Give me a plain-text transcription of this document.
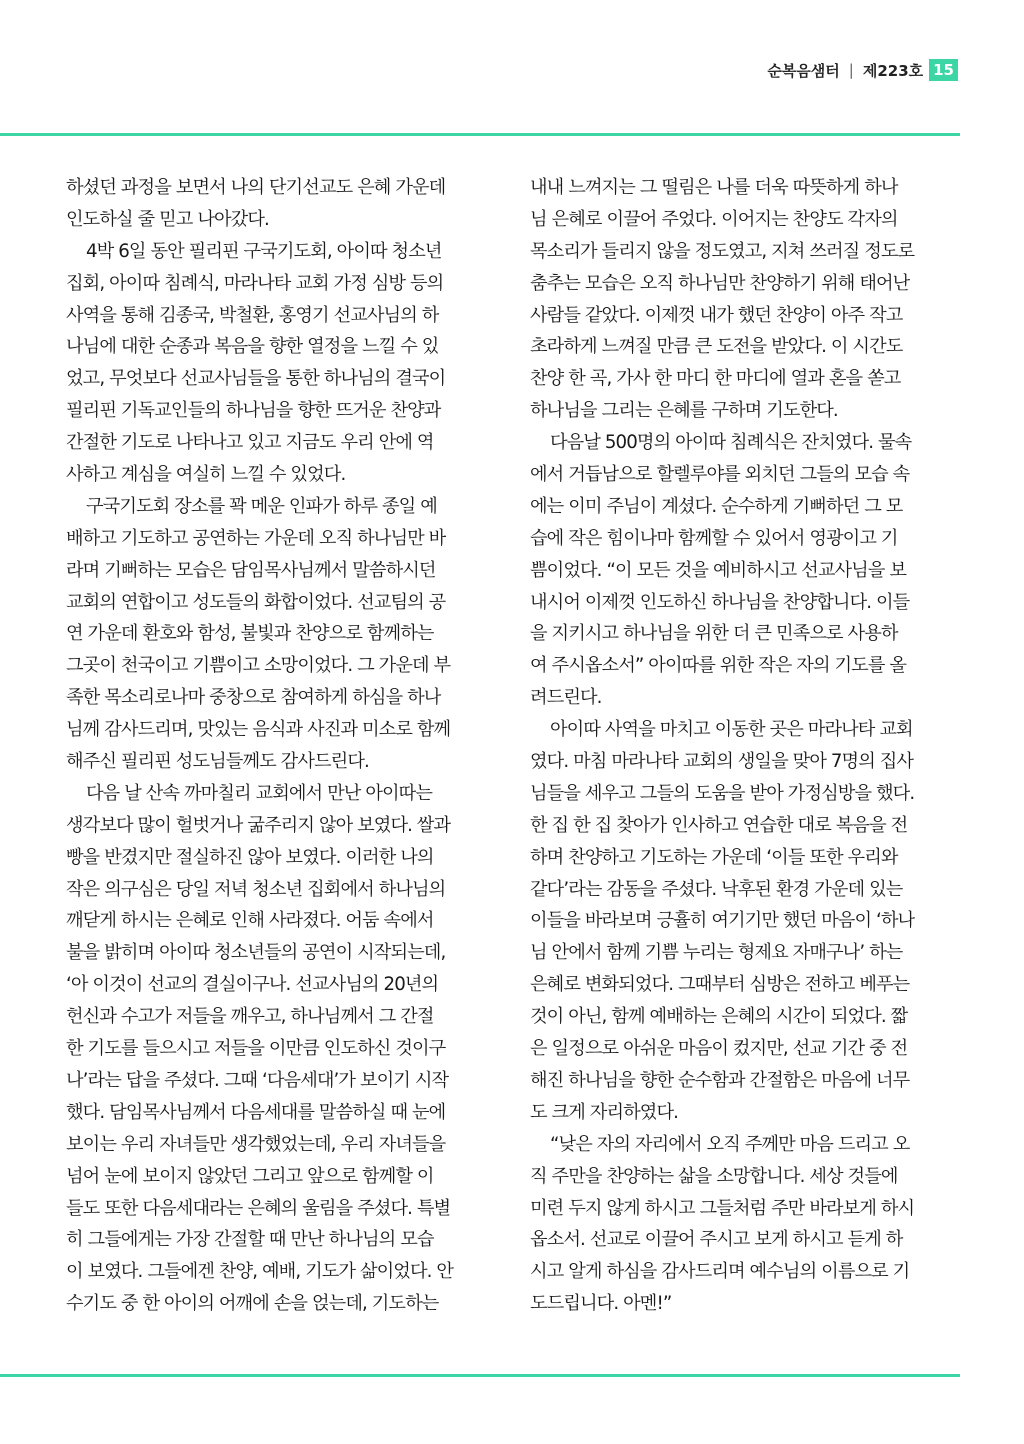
순복음샘터 | 제223호 15
하셨던 과정을 보면서 나의 단기선교도 은혜 가운데
인도하실 줄 믿고 나아갔다.
4박 6일 동안 필리핀 구국기도회, 아이따 청소년
집회, 아이따 침례식, 마라나타 교회 가정 심방 등의
사역을 통해 김종국, 박철환, 홍영기 선교사님의 하
나님에 대한 순종과 복음을 향한 열정을 느낄 수 있
었고, 무엇보다 선교사님들을 통한 하나님의 결국이
필리핀 기독교인들의 하나님을 향한 뜨거운 찬양과
간절한 기도로 나타나고 있고 지금도 우리 안에 역
사하고 계심을 여실히 느낄 수 있었다.
구국기도회 장소를 꽉 메운 인파가 하루 종일 예
배하고 기도하고 공연하는 가운데 오직 하나님만 바
라며 기뻐하는 모습은 담임목사님께서 말씀하시던
교회의 연합이고 성도들의 화합이었다. 선교팀의 공
연 가운데 환호와 함성, 불빛과 찬양으로 함께하는
그곳이 천국이고 기쁨이고 소망이었다. 그 가운데 부
족한 목소리로나마 중창으로 참여하게 하심을 하나
님께 감사드리며, 맛있는 음식과 사진과 미소로 함께
해주신 필리핀 성도님들께도 감사드린다.
다음 날 산속 까마칠리 교회에서 만난 아이따는
생각보다 많이 헐벗거나 굶주리지 않아 보였다. 쌀과
빵을 반겼지만 절실하진 않아 보였다. 이러한 나의
작은 의구심은 당일 저녁 청소년 집회에서 하나님의
깨닫게 하시는 은혜로 인해 사라졌다. 어둠 속에서
불을 밝히며 아이따 청소년들의 공연이 시작되는데,
‘아 이것이 선교의 결실이구나. 선교사님의 20년의
헌신과 수고가 저들을 깨우고, 하나님께서 그 간절
한 기도를 들으시고 저들을 이만큼 인도하신 것이구
나’라는 답을 주셨다. 그때 ‘다음세대’가 보이기 시작
했다. 담임목사님께서 다음세대를 말씀하실 때 눈에
보이는 우리 자녀들만 생각했었는데, 우리 자녀들을
넘어 눈에 보이지 않았던 그리고 앞으로 함께할 이
들도 또한 다음세대라는 은혜의 울림을 주셨다. 특별
히 그들에게는 가장 간절할 때 만난 하나님의 모습
이 보였다. 그들에겐 찬양, 예배, 기도가 삶이었다. 안
수기도 중 한 아이의 어깨에 손을 얹는데, 기도하는
내내 느껴지는 그 떨림은 나를 더욱 따뜻하게 하나
님 은혜로 이끌어 주었다. 이어지는 찬양도 각자의
목소리가 들리지 않을 정도였고, 지쳐 쓰러질 정도로
춤추는 모습은 오직 하나님만 찬양하기 위해 태어난
사람들 같았다. 이제껏 내가 했던 찬양이 아주 작고
초라하게 느껴질 만큼 큰 도전을 받았다. 이 시간도
찬양 한 곡, 가사 한 마디 한 마디에 열과 혼을 쏟고
하나님을 그리는 은혜를 구하며 기도한다.
다음날 500명의 아이따 침례식은 잔치였다. 물속
에서 거듭남으로 할렐루야를 외치던 그들의 모습 속
에는 이미 주님이 계셨다. 순수하게 기뻐하던 그 모
습에 작은 힘이나마 함께할 수 있어서 영광이고 기
쁨이었다. “이 모든 것을 예비하시고 선교사님을 보
내시어 이제껏 인도하신 하나님을 찬양합니다. 이들
을 지키시고 하나님을 위한 더 큰 민족으로 사용하
여 주시옵소서” 아이따를 위한 작은 자의 기도를 올
려드린다.
아이따 사역을 마치고 이동한 곳은 마라나타 교회
였다. 마침 마라나타 교회의 생일을 맞아 7명의 집사
님들을 세우고 그들의 도움을 받아 가정심방을 했다.
한 집 한 집 찾아가 인사하고 연습한 대로 복음을 전
하며 찬양하고 기도하는 가운데 ‘이들 또한 우리와
같다’라는 감동을 주셨다. 낙후된 환경 가운데 있는
이들을 바라보며 긍휼히 여기기만 했던 마음이 ‘하나
님 안에서 함께 기쁨 누리는 형제요 자매구나’ 하는
은혜로 변화되었다. 그때부터 심방은 전하고 베푸는
것이 아닌, 함께 예배하는 은혜의 시간이 되었다. 짧
은 일정으로 아쉬운 마음이 컸지만, 선교 기간 중 전
해진 하나님을 향한 순수함과 간절함은 마음에 너무
도 크게 자리하였다.
“낮은 자의 자리에서 오직 주께만 마음 드리고 오
직 주만을 찬양하는 삶을 소망합니다. 세상 것들에
미련 두지 않게 하시고 그들처럼 주만 바라보게 하시
옵소서. 선교로 이끌어 주시고 보게 하시고 듣게 하
시고 알게 하심을 감사드리며 예수님의 이름으로 기
도드립니다. 아멘!”
